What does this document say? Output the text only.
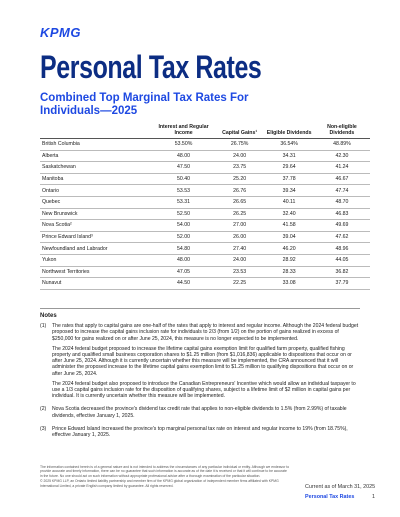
KPMG
Personal Tax Rates
Combined Top Marginal Tax Rates For Individuals—2025
	Interest and Regular Income	Capital Gains¹	Eligible Dividends	Non-eligible Dividends
British Columbia	53.50%	26.75%	36.54%	48.89%
Alberta	48.00	24.00	34.31	42.30
Saskatchewan	47.50	23.75	29.64	41.24
Manitoba	50.40	25.20	37.78	46.67
Ontario	53.53	26.76	39.34	47.74
Quebec	53.31	26.65	40.11	48.70
New Brunswick	52.50	26.25	32.40	46.83
Nova Scotia²	54.00	27.00	41.58	49.69
Prince Edward Island³	52.00	26.00	39.04	47.62
Newfoundland and Labrador	54.80	27.40	46.20	48.96
Yukon	48.00	24.00	28.92	44.05
Northwest Territories	47.05	23.53	28.33	36.82
Nunavut	44.50	22.25	33.08	37.79
Notes
(1)	The rates that apply to capital gains are one-half of the rates that apply to interest and regular income. Although the 2024 federal budget proposed to increase the capital gains inclusion rate for individuals to 2/3 (from 1/2) on the portion of gains realized in excess of $250,000 for gains realized on or after June 25, 2024, this measure is no longer expected to be implemented.

The 2024 federal budget proposed to increase the lifetime capital gains exemption limit for qualified farm property, qualified fishing property and qualified small business corporation shares to $1.25 million (from $1,016,836) applicable to dispositions that occur on or after June 25, 2024. Although it is currently uncertain whether this measure will be implemented, the CRA announced that it will administer the proposed increase to the lifetime capital gains exemption limit to $1.25 million to qualifying dispositions that occur on or after June 25, 2024.

The 2024 federal budget also proposed to introduce the Canadian Entrepreneurs' Incentive which would allow an individual taxpayer to use a 1/3 capital gains inclusion rate for the disposition of qualifying shares, subject to a lifetime limit of $2 million in capital gains per individual. It is currently uncertain whether this measure will be implemented.

(2)	Nova Scotia decreased the province's dividend tax credit rate that applies to non-eligible dividends to 1.5% (from 2.99%) of taxable dividends, effective January 1, 2025.

(3)	Prince Edward Island increased the province's top marginal personal tax rate on interest and regular income to 19% (from 18.75%), effective January 1, 2025.

The information contained herein is of a general nature and is not intended to address the circumstances of any particular individual or entity. Although we endeavor to provide accurate and timely information, there can be no guarantee that such information is accurate as of the date it is received or that it will continue to be accurate in the future. No one should act on such information without appropriate professional advice after a thorough examination of the particular situation.

© 2025 KPMG LLP, an Ontario limited liability partnership and member firm of the KPMG global organization of independent member firms affiliated with KPMG International Limited, a private English company limited by guarantee. All rights reserved.	Current as of March 31, 2025
Personal Tax Rates	1
